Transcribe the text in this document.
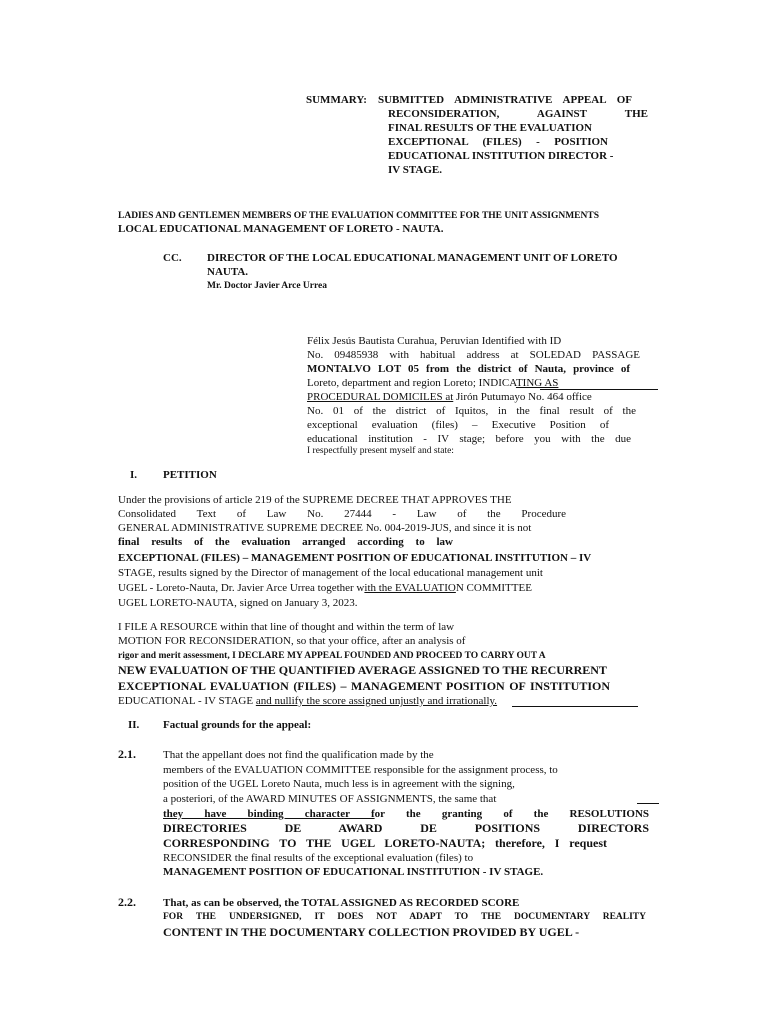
SUMMARY: SUBMITTED ADMINISTRATIVE APPEAL OF
RECONSIDERATION, AGAINST THE
FINAL RESULTS OF THE EVALUATION
EXCEPTIONAL (FILES) - POSITION
EDUCATIONAL INSTITUTION DIRECTOR -
IV STAGE.
LADIES AND GENTLEMEN MEMBERS OF THE EVALUATION COMMITTEE FOR THE UNIT ASSIGNMENTS
LOCAL EDUCATIONAL MANAGEMENT OF LORETO - NAUTA.
CC. DIRECTOR OF THE LOCAL EDUCATIONAL MANAGEMENT UNIT OF LORETO
NAUTA.
Mr. Doctor Javier Arce Urrea
Félix Jesús Bautista Curahua, Peruvian Identified with ID
No. 09485938 with habitual address at SOLEDAD PASSAGE
MONTALVO LOT 05 from the district of Nauta, province of
Loreto, department and region Loreto; INDICATING AS
PROCEDURAL DOMICILES at Jirón Putumayo No. 464 office
No. 01 of the district of Iquitos, in the final result of the
exceptional evaluation (files) – Executive Position of
educational institution - IV stage; before you with the due
I respectfully present myself and state:
I. PETITION
Under the provisions of article 219 of the SUPREME DECREE THAT APPROVES THE
Consolidated Text of Law No. 27444 - Law of the Procedure
GENERAL ADMINISTRATIVE SUPREME DECREE No. 004-2019-JUS, and since it is not
final results of the evaluation arranged according to law
EXCEPTIONAL (FILES) – MANAGEMENT POSITION OF EDUCATIONAL INSTITUTION – IV
STAGE, results signed by the Director of management of the local educational management unit
UGEL - Loreto-Nauta, Dr. Javier Arce Urrea together with the EVALUATION COMMITTEE
UGEL LORETO-NAUTA, signed on January 3, 2023.
I FILE A RESOURCE within that line of thought and within the term of law
MOTION FOR RECONSIDERATION, so that your office, after an analysis of
rigor and merit assessment, I DECLARE MY APPEAL FOUNDED AND PROCEED TO CARRY OUT A
NEW EVALUATION OF THE QUANTIFIED AVERAGE ASSIGNED TO THE RECURRENT
EXCEPTIONAL EVALUATION (FILES) – MANAGEMENT POSITION OF INSTITUTION
EDUCATIONAL - IV STAGE and nullify the score assigned unjustly and irrationally.
II. Factual grounds for the appeal:
2.1. That the appellant does not find the qualification made by the
members of the EVALUATION COMMITTEE responsible for the assignment process, to
position of the UGEL Loreto Nauta, much less is in agreement with the signing,
a posteriori, of the AWARD MINUTES OF ASSIGNMENTS, the same that
they have binding character for the granting of the RESOLUTIONS
DIRECTORIES DE AWARD DE POSITIONS DIRECTORS
CORRESPONDING TO THE UGEL LORETO-NAUTA; therefore, I request
RECONSIDER the final results of the exceptional evaluation (files) to
MANAGEMENT POSITION OF EDUCATIONAL INSTITUTION - IV STAGE.
2.2. That, as can be observed, the TOTAL ASSIGNED AS RECORDED SCORE
FOR THE UNDERSIGNED, IT DOES NOT ADAPT TO THE DOCUMENTARY REALITY
CONTENT IN THE DOCUMENTARY COLLECTION PROVIDED BY UGEL -
